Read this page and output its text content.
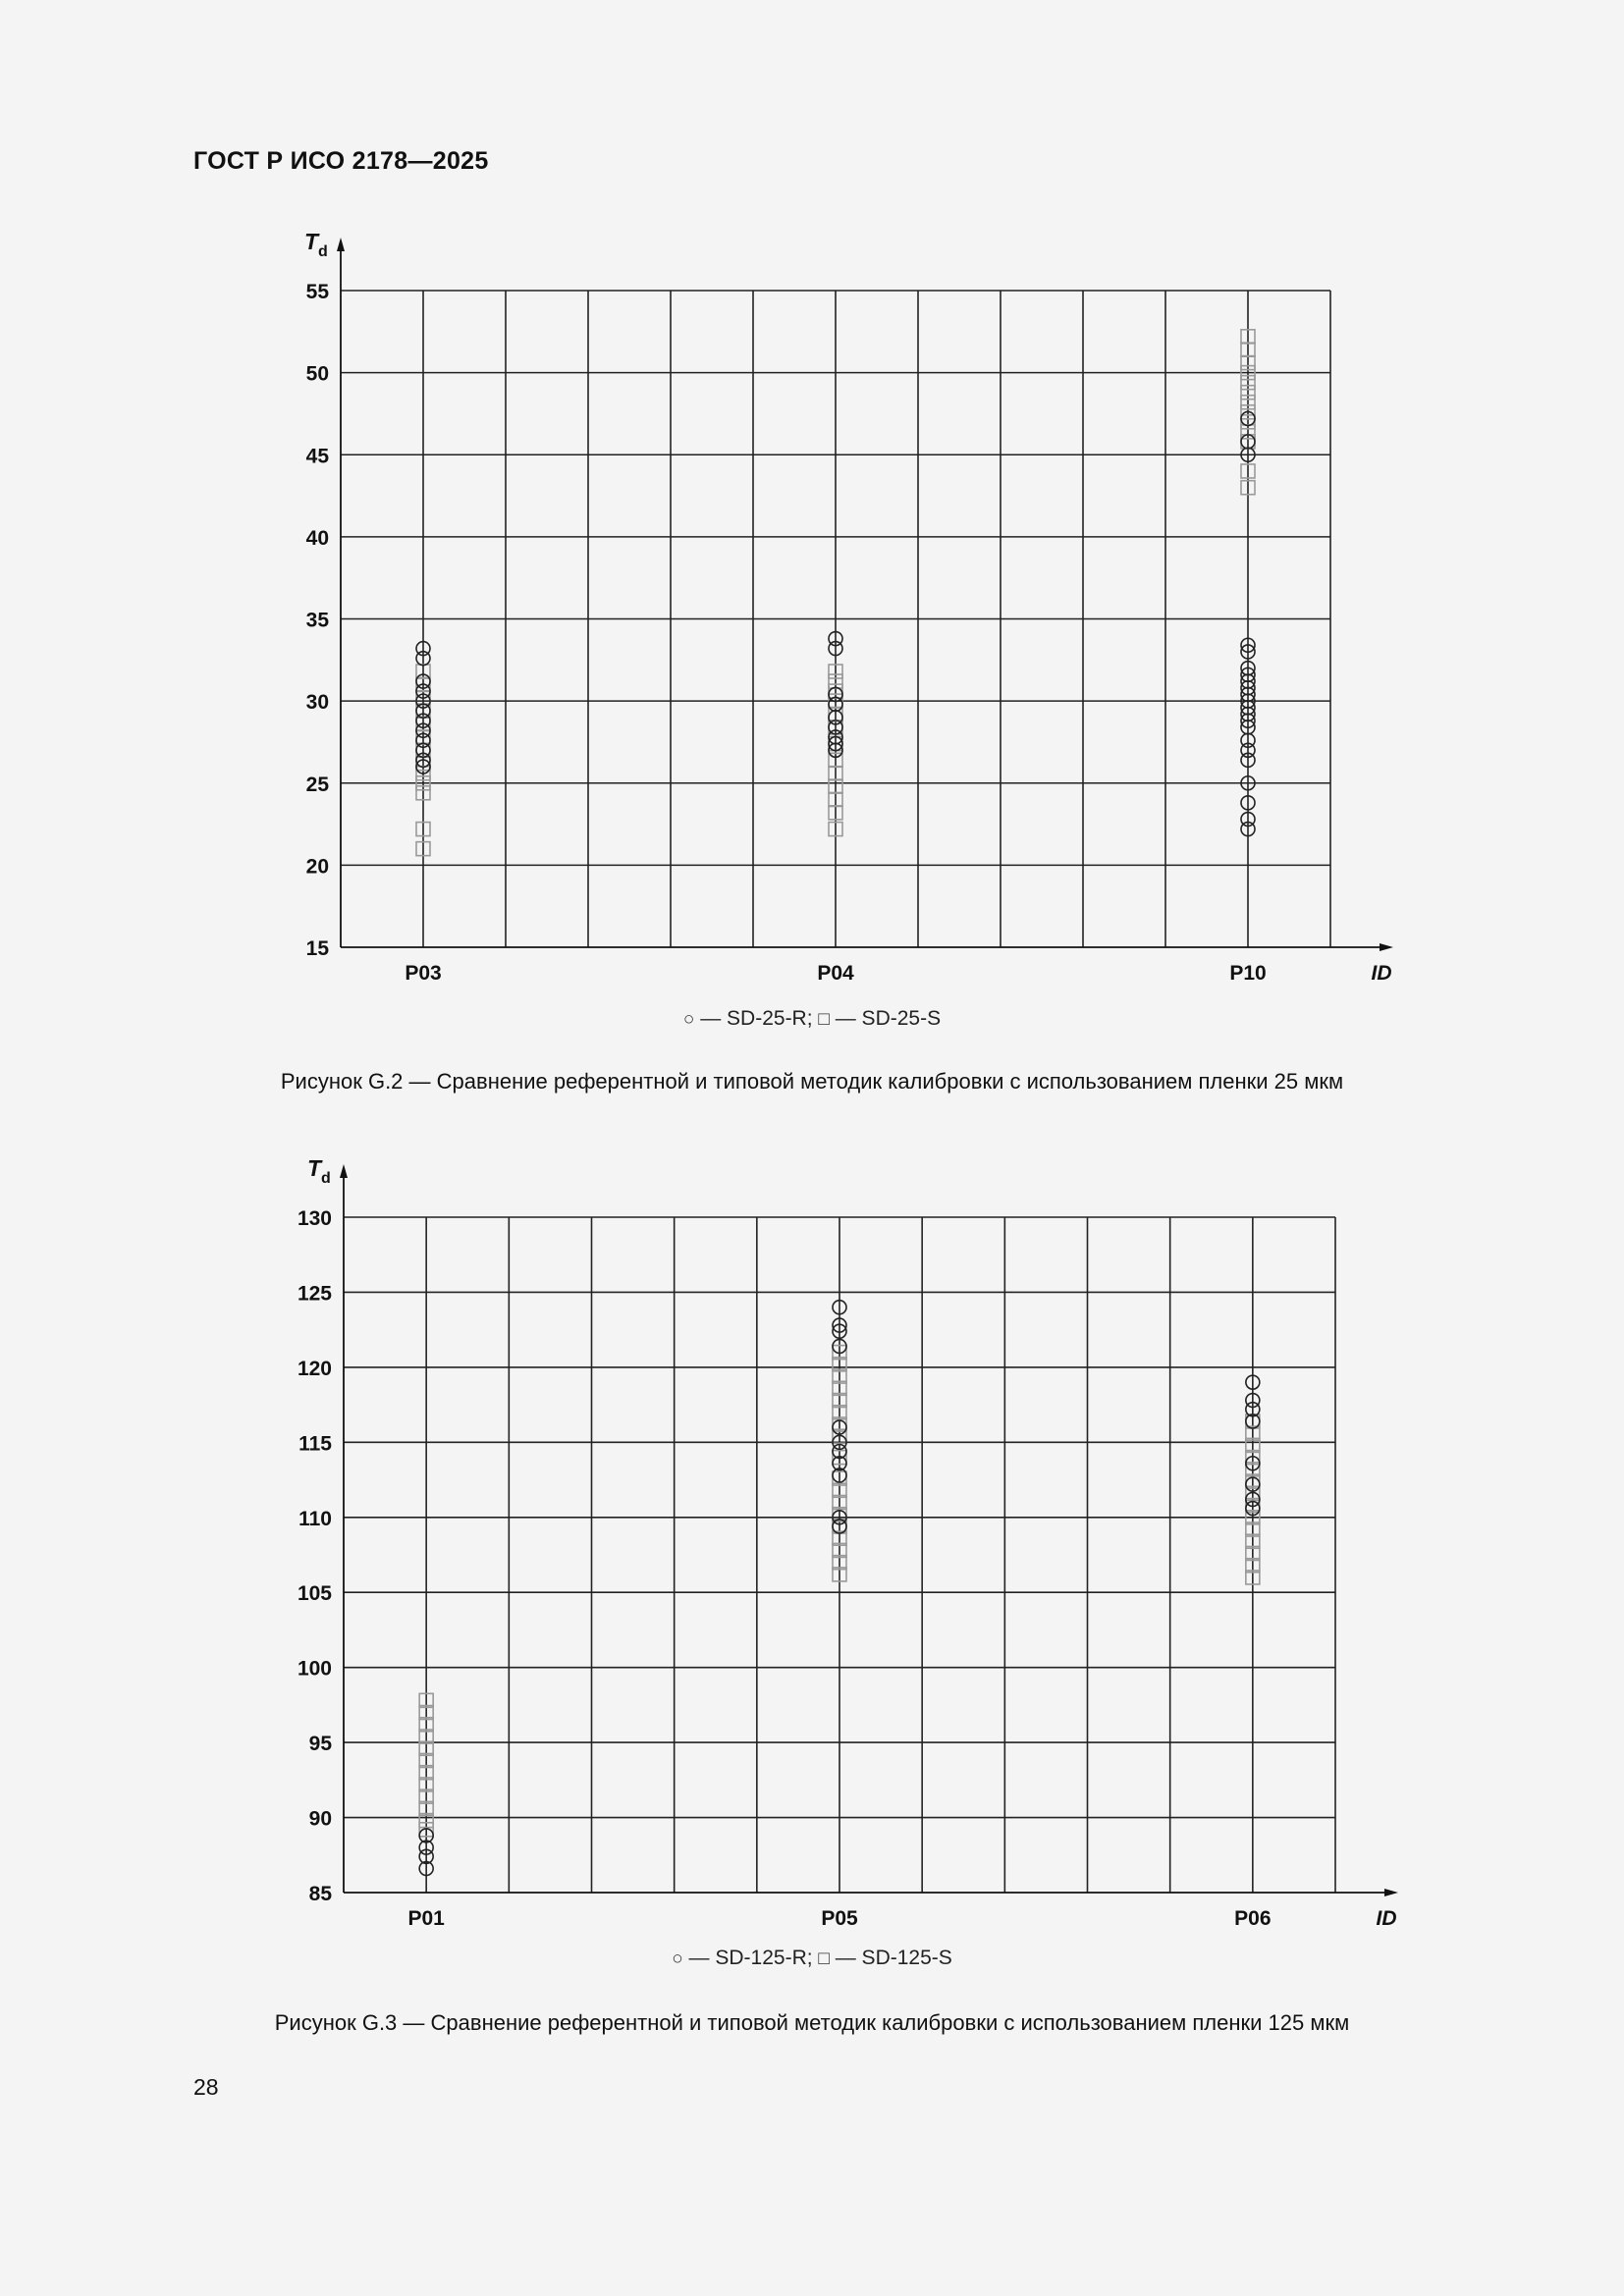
ГОСТ Р ИСО 2178—2025
15
20
25
30
35
40
45
50
55
T d
ID
P03	P04	P10
○ — SD-25-R; □ — SD-25-S
Рисунок G.2 — Сравнение референтной и типовой методик калибровки с использованием пленки 25 мкм
85
90
95
100
105
110
115
120
125
130
T d
ID
P01	P05	P06
○ — SD-125-R; □ — SD-125-S
Рисунок G.3 — Сравнение референтной и типовой методик калибровки с использованием пленки 125 мкм
28
